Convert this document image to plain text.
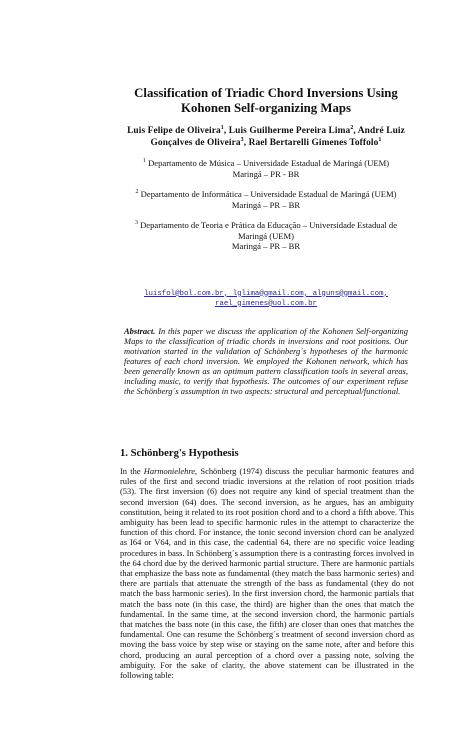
Classification of Triadic Chord Inversions Using Kohonen Self-organizing Maps
Luis Felipe de Oliveira$^1$, Luis Guilherme Pereira Lima$^2$, André Luiz Gonçalves de Oliveira$^3$, Rael Bertarelli Gimenes Toffolo$^1$
$^1$ Departamento de Música – Universidade Estadual de Maringá (UEM)
Maringá – PR - BR
$^2$ Departamento de Informática – Universidade Estadual de Maringá (UEM)
Maringá – PR – BR
$^3$ Departamento de Teoria e Prática da Educação – Universidade Estadual de Maringá (UEM)
Maringá – PR – BR
luisfol@bol.com.br, lglima@gmail.com, alguns@gmail.com,
rael_gimenes@uol.com.br
Abstract. In this paper we discuss the application of the Kohonen Self-organizing Maps to the classification of triadic chords in inversions and root positions. Our motivation started in the validation of Schönberg´s hypotheses of the harmonic features of each chord inversion. We employed the Kohonen network, which has been generally known as an optimum pattern classification tools in several areas, including music, to verify that hypothesis. The outcomes of our experiment refuse the Schönberg´s assumption in two aspects: structural and perceptual/functional.
1. Schönberg's Hypothesis
In the Harmonielehre, Schönberg (1974) discuss the peculiar harmonic features and rules of the first and second triadic inversions at the relation of root position triads (53). The first inversion (6) does not require any kind of special treatment than the second inversion (64) does. The second inversion, as he argues, has an ambiguity constitution, being it related to its root position chord and to a chord a fifth above. This ambiguity has been lead to specific harmonic rules in the attempt to characterize the function of this chord. For instance, the tonic second inversion chord can be analyzed as I64 or V64, and in this case, the cadential 64, there are no specific voice leading procedures in bass. In Schönberg´s assumption there is a contrasting forces involved in the 64 chord due by the derived harmonic partial structure. There are harmonic partials that emphasize the bass note as fundamental (they match the bass harmonic series) and there are partials that attenuate the strength of the bass as fundamental (they do not match the bass harmonic series). In the first inversion chord, the harmonic partials that match the bass note (in this case, the third) are higher than the ones that match the fundamental. In the same time, at the second inversion chord, the harmonic partials that matches the bass note (in this case, the fifth) are closer than ones that matches the fundamental. One can resume the Schönberg´s treatment of second inversion chord as moving the bass voice by step wise or staying on the same note, after and before this chord, producing an aural perception of a chord over a passing note, solving the ambiguity. For the sake of clarity, the above statement can be illustrated in the following table:
